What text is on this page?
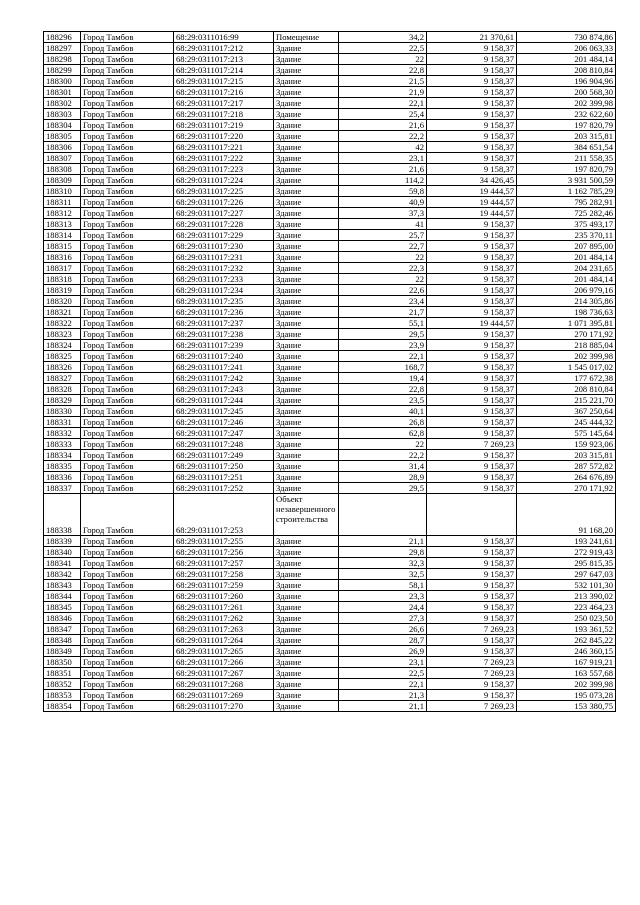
188296	Город Тамбов	68:29:0311016:99	Помещение	34,2	21 370,61	730 874,86
188297	Город Тамбов	68:29:0311017:212	Здание	22,5	9 158,37	206 063,33
188298	Город Тамбов	68:29:0311017:213	Здание	22	9 158,37	201 484,14
188299	Город Тамбов	68:29:0311017:214	Здание	22,8	9 158,37	208 810,84
188300	Город Тамбов	68:29:0311017:215	Здание	21,5	9 158,37	196 904,96
188301	Город Тамбов	68:29:0311017:216	Здание	21,9	9 158,37	200 568,30
188302	Город Тамбов	68:29:0311017:217	Здание	22,1	9 158,37	202 399,98
188303	Город Тамбов	68:29:0311017:218	Здание	25,4	9 158,37	232 622,60
188304	Город Тамбов	68:29:0311017:219	Здание	21,6	9 158,37	197 820,79
188305	Город Тамбов	68:29:0311017:220	Здание	22,2	9 158,37	203 315,81
188306	Город Тамбов	68:29:0311017:221	Здание	42	9 158,37	384 651,54
188307	Город Тамбов	68:29:0311017:222	Здание	23,1	9 158,37	211 558,35
188308	Город Тамбов	68:29:0311017:223	Здание	21,6	9 158,37	197 820,79
188309	Город Тамбов	68:29:0311017:224	Здание	114,2	34 426,45	3 931 500,59
188310	Город Тамбов	68:29:0311017:225	Здание	59,8	19 444,57	1 162 785,29
188311	Город Тамбов	68:29:0311017:226	Здание	40,9	19 444,57	795 282,91
188312	Город Тамбов	68:29:0311017:227	Здание	37,3	19 444,57	725 282,46
188313	Город Тамбов	68:29:0311017:228	Здание	41	9 158,37	375 493,17
188314	Город Тамбов	68:29:0311017:229	Здание	25,7	9 158,37	235 370,11
188315	Город Тамбов	68:29:0311017:230	Здание	22,7	9 158,37	207 895,00
188316	Город Тамбов	68:29:0311017:231	Здание	22	9 158,37	201 484,14
188317	Город Тамбов	68:29:0311017:232	Здание	22,3	9 158,37	204 231,65
188318	Город Тамбов	68:29:0311017:233	Здание	22	9 158,37	201 484,14
188319	Город Тамбов	68:29:0311017:234	Здание	22,6	9 158,37	206 979,16
188320	Город Тамбов	68:29:0311017:235	Здание	23,4	9 158,37	214 305,86
188321	Город Тамбов	68:29:0311017:236	Здание	21,7	9 158,37	198 736,63
188322	Город Тамбов	68:29:0311017:237	Здание	55,1	19 444,57	1 071 395,81
188323	Город Тамбов	68:29:0311017:238	Здание	29,5	9 158,37	270 171,92
188324	Город Тамбов	68:29:0311017:239	Здание	23,9	9 158,37	218 885,04
188325	Город Тамбов	68:29:0311017:240	Здание	22,1	9 158,37	202 399,98
188326	Город Тамбов	68:29:0311017:241	Здание	168,7	9 158,37	1 545 017,02
188327	Город Тамбов	68:29:0311017:242	Здание	19,4	9 158,37	177 672,38
188328	Город Тамбов	68:29:0311017:243	Здание	22,8	9 158,37	208 810,84
188329	Город Тамбов	68:29:0311017:244	Здание	23,5	9 158,37	215 221,70
188330	Город Тамбов	68:29:0311017:245	Здание	40,1	9 158,37	367 250,64
188331	Город Тамбов	68:29:0311017:246	Здание	26,8	9 158,37	245 444,32
188332	Город Тамбов	68:29:0311017:247	Здание	62,8	9 158,37	575 145,64
188333	Город Тамбов	68:29:0311017:248	Здание	22	7 269,23	159 923,06
188334	Город Тамбов	68:29:0311017:249	Здание	22,2	9 158,37	203 315,81
188335	Город Тамбов	68:29:0311017:250	Здание	31,4	9 158,37	287 572,82
188336	Город Тамбов	68:29:0311017:251	Здание	28,9	9 158,37	264 676,89
188337	Город Тамбов	68:29:0311017:252	Здание	29,5	9 158,37	270 171,92
188338	Город Тамбов	68:29:0311017:253	Объект незавершенного строительства			91 168,20
188339	Город Тамбов	68:29:0311017:255	Здание	21,1	9 158,37	193 241,61
188340	Город Тамбов	68:29:0311017:256	Здание	29,8	9 158,37	272 919,43
188341	Город Тамбов	68:29:0311017:257	Здание	32,3	9 158,37	295 815,35
188342	Город Тамбов	68:29:0311017:258	Здание	32,5	9 158,37	297 647,03
188343	Город Тамбов	68:29:0311017:259	Здание	58,1	9 158,37	532 101,30
188344	Город Тамбов	68:29:0311017:260	Здание	23,3	9 158,37	213 390,02
188345	Город Тамбов	68:29:0311017:261	Здание	24,4	9 158,37	223 464,23
188346	Город Тамбов	68:29:0311017:262	Здание	27,3	9 158,37	250 023,50
188347	Город Тамбов	68:29:0311017:263	Здание	26,6	7 269,23	193 361,52
188348	Город Тамбов	68:29:0311017:264	Здание	28,7	9 158,37	262 845,22
188349	Город Тамбов	68:29:0311017:265	Здание	26,9	9 158,37	246 360,15
188350	Город Тамбов	68:29:0311017:266	Здание	23,1	7 269,23	167 919,21
188351	Город Тамбов	68:29:0311017:267	Здание	22,5	7 269,23	163 557,68
188352	Город Тамбов	68:29:0311017:268	Здание	22,1	9 158,37	202 399,98
188353	Город Тамбов	68:29:0311017:269	Здание	21,3	9 158,37	195 073,28
188354	Город Тамбов	68:29:0311017:270	Здание	21,1	7 269,23	153 380,75
